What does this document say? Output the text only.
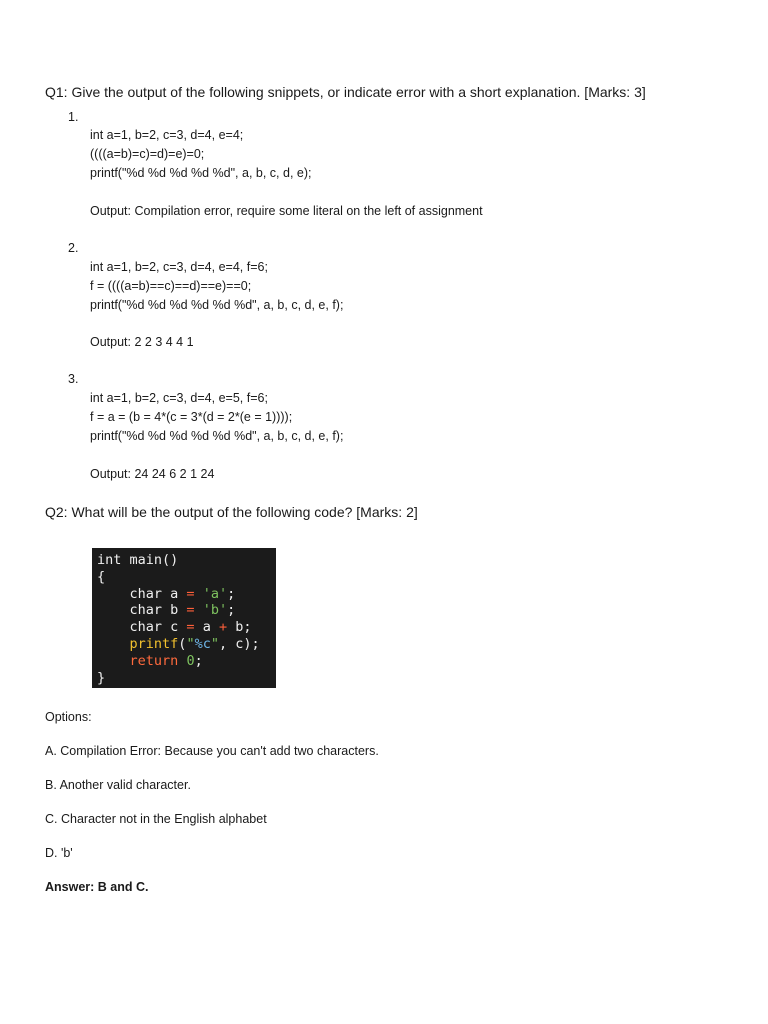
Q1: Give the output of the following snippets, or indicate error with a short explanation. [Marks: 3]
1.
int a=1, b=2, c=3, d=4, e=4;
((((a=b)=c)=d)=e)=0;
printf("%d %d %d %d %d", a, b, c, d, e);
Output: Compilation error, require some literal on the left of assignment
2.
int a=1, b=2, c=3, d=4, e=4, f=6;
f = ((((a=b)==c)==d)==e)==0;
printf("%d %d %d %d %d %d", a, b, c, d, e, f);
Output: 2 2 3 4 4 1
3.
int a=1, b=2, c=3, d=4, e=5, f=6;
f = a = (b = 4*(c = 3*(d = 2*(e = 1))));
printf("%d %d %d %d %d %d", a, b, c, d, e, f);
Output: 24 24 6 2 1 24
Q2: What will be the output of the following code? [Marks: 2]
int main()
{
char a = 'a';
char b = 'b';
char c = a + b;
printf("%c", c);
return 0;
}
Options:
A. Compilation Error: Because you can't add two characters.
B. Another valid character.
C. Character not in the English alphabet
D. 'b'
Answer: B and C.
